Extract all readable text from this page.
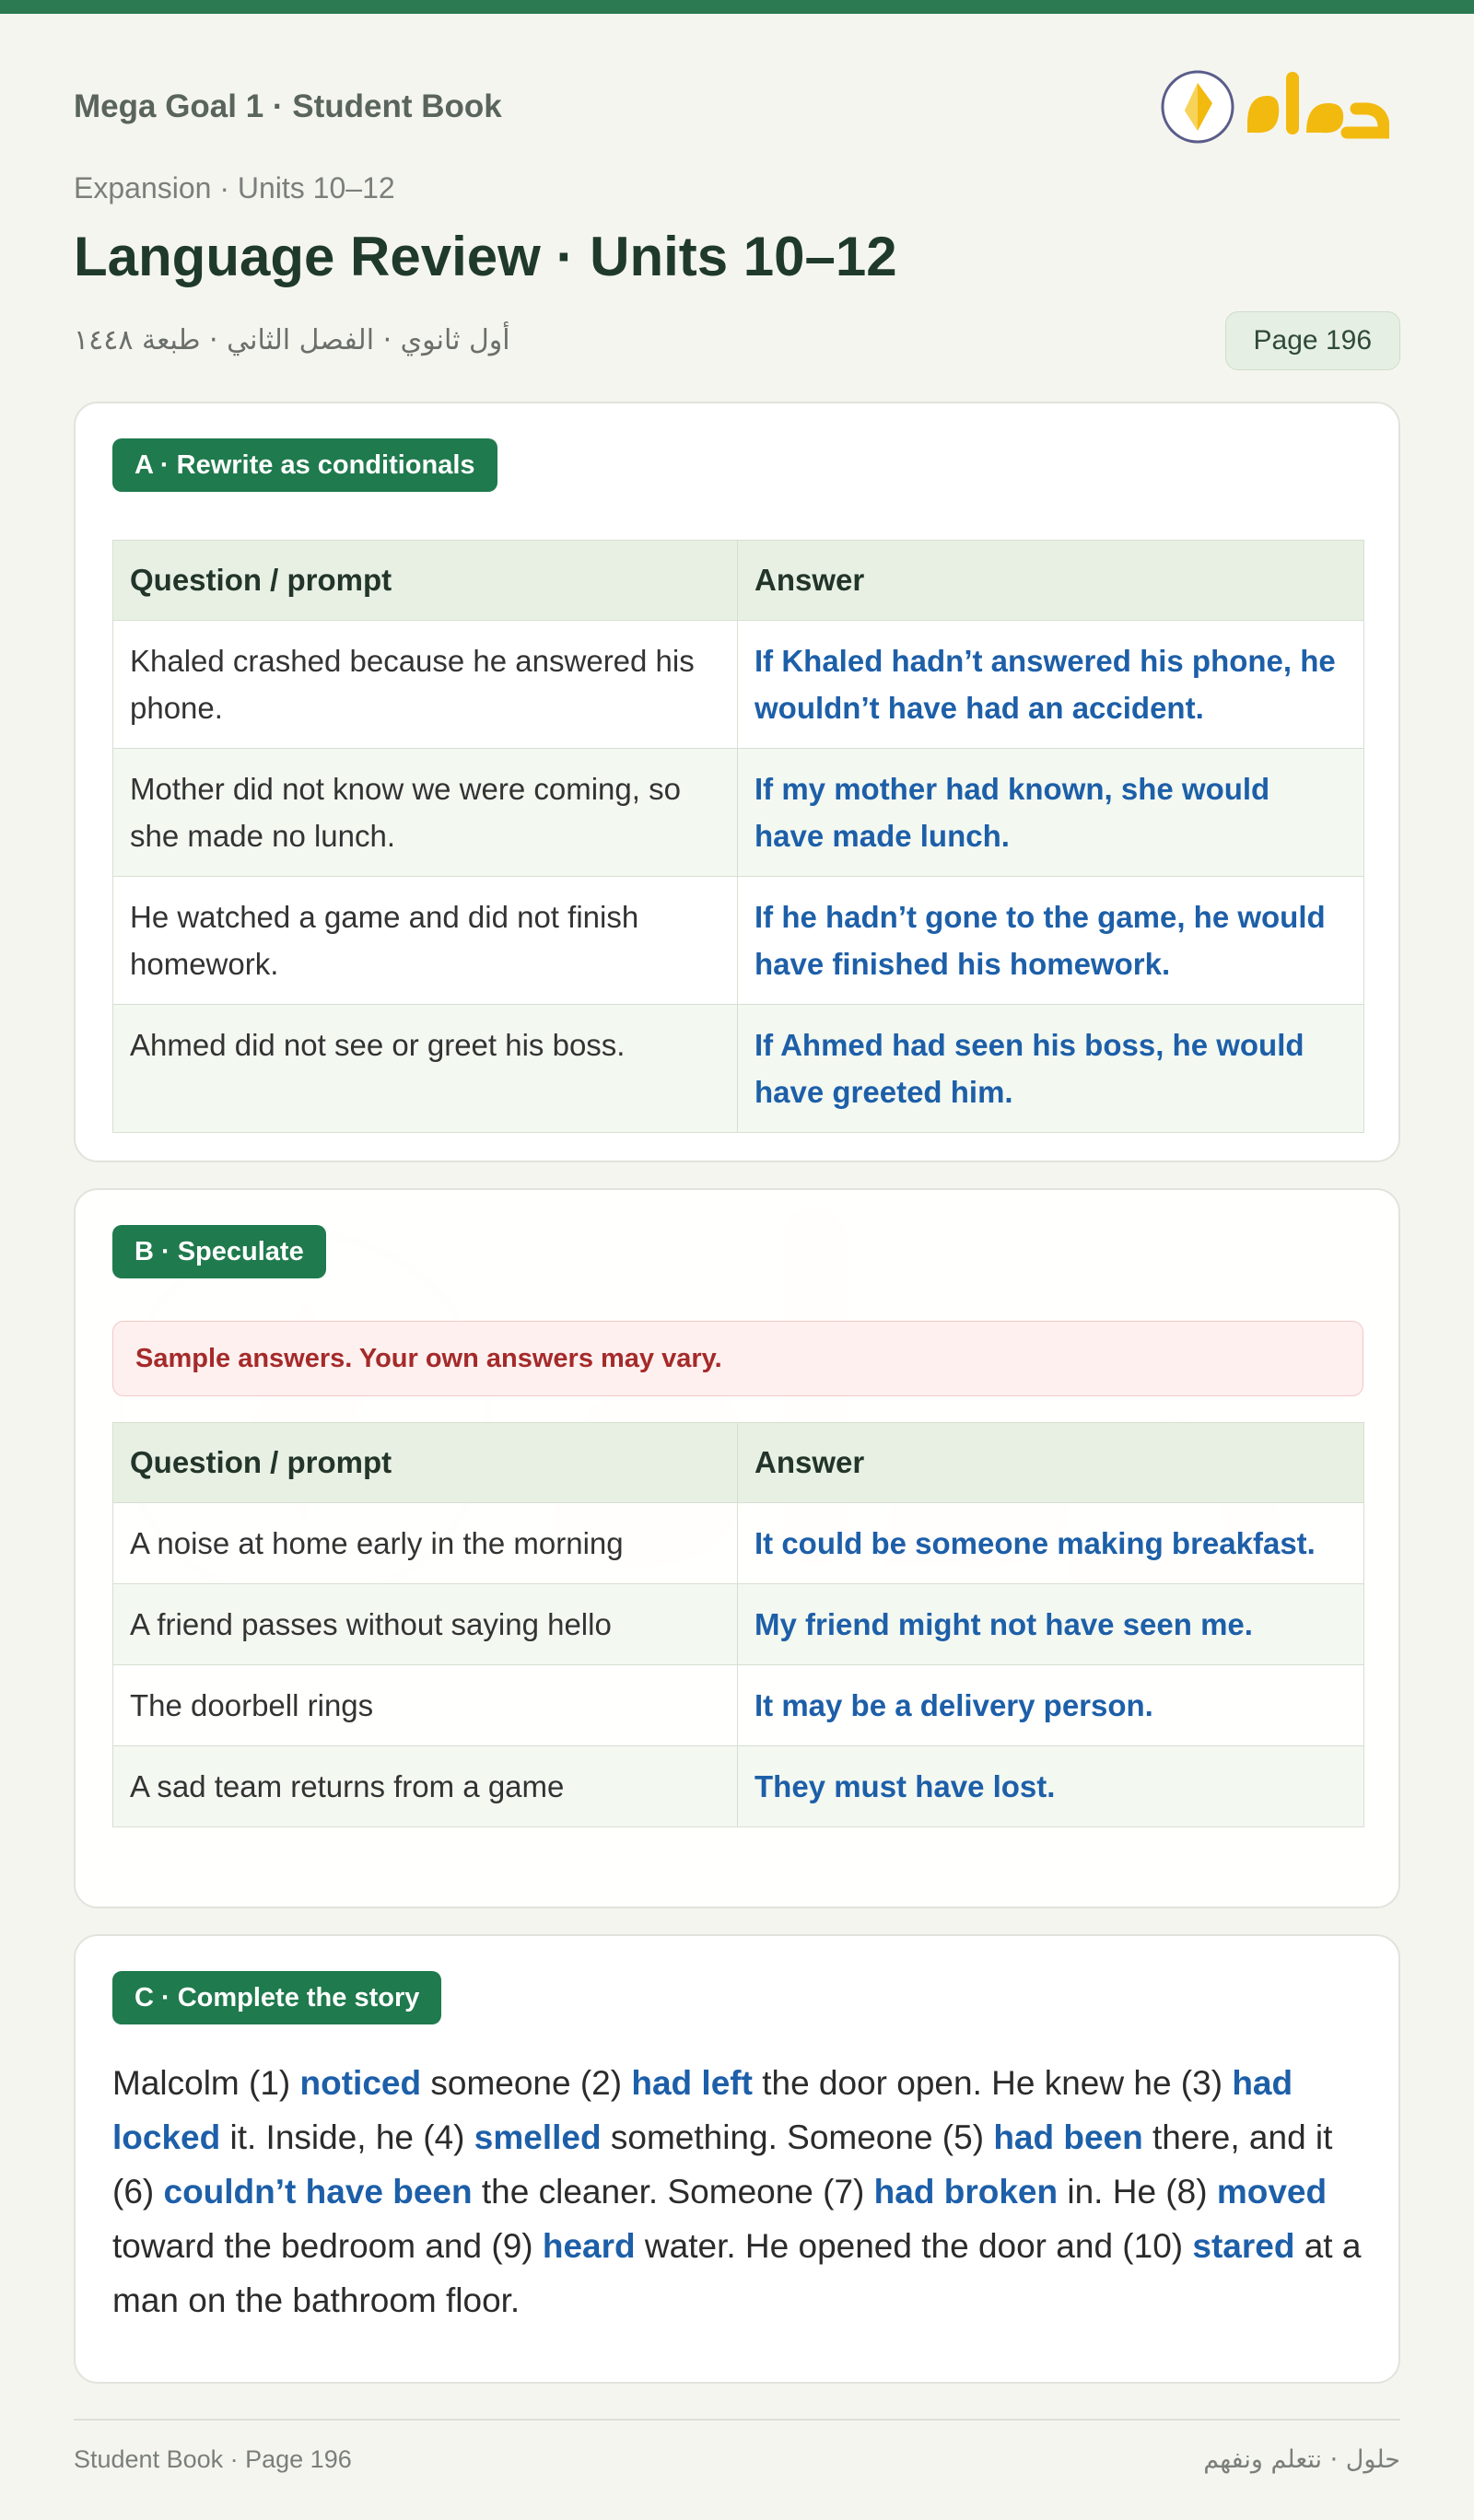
Mega Goal 1 · Student Book
Expansion · Units 10–12
Language Review · Units 10–12
أول ثانوي · الفصل الثاني · طبعة ١٤٤٨	Page 196
A · Rewrite as conditionals
Question / prompt	Answer
Khaled crashed because he answered his phone.	If Khaled hadn’t answered his phone, he wouldn’t have had an accident.
Mother did not know we were coming, so she made no lunch.	If my mother had known, she would have made lunch.
He watched a game and did not finish homework.	If he hadn’t gone to the game, he would have finished his homework.
Ahmed did not see or greet his boss.	If Ahmed had seen his boss, he would have greeted him.
B · Speculate
Sample answers. Your own answers may vary.
Question / prompt	Answer
A noise at home early in the morning	It could be someone making breakfast.
A friend passes without saying hello	My friend might not have seen me.
The doorbell rings	It may be a delivery person.
A sad team returns from a game	They must have lost.
C · Complete the story

Malcolm (1) noticed someone (2) had left the door open. He knew he (3) had locked it. Inside, he (4) smelled something. Someone (5) had been there, and it (6) couldn’t have been the cleaner. Someone (7) had broken in. He (8) moved toward the bedroom and (9) heard water. He opened the door and (10) stared at a man on the bathroom floor.

Student Book · Page 196	حلول · نتعلم ونفهم
